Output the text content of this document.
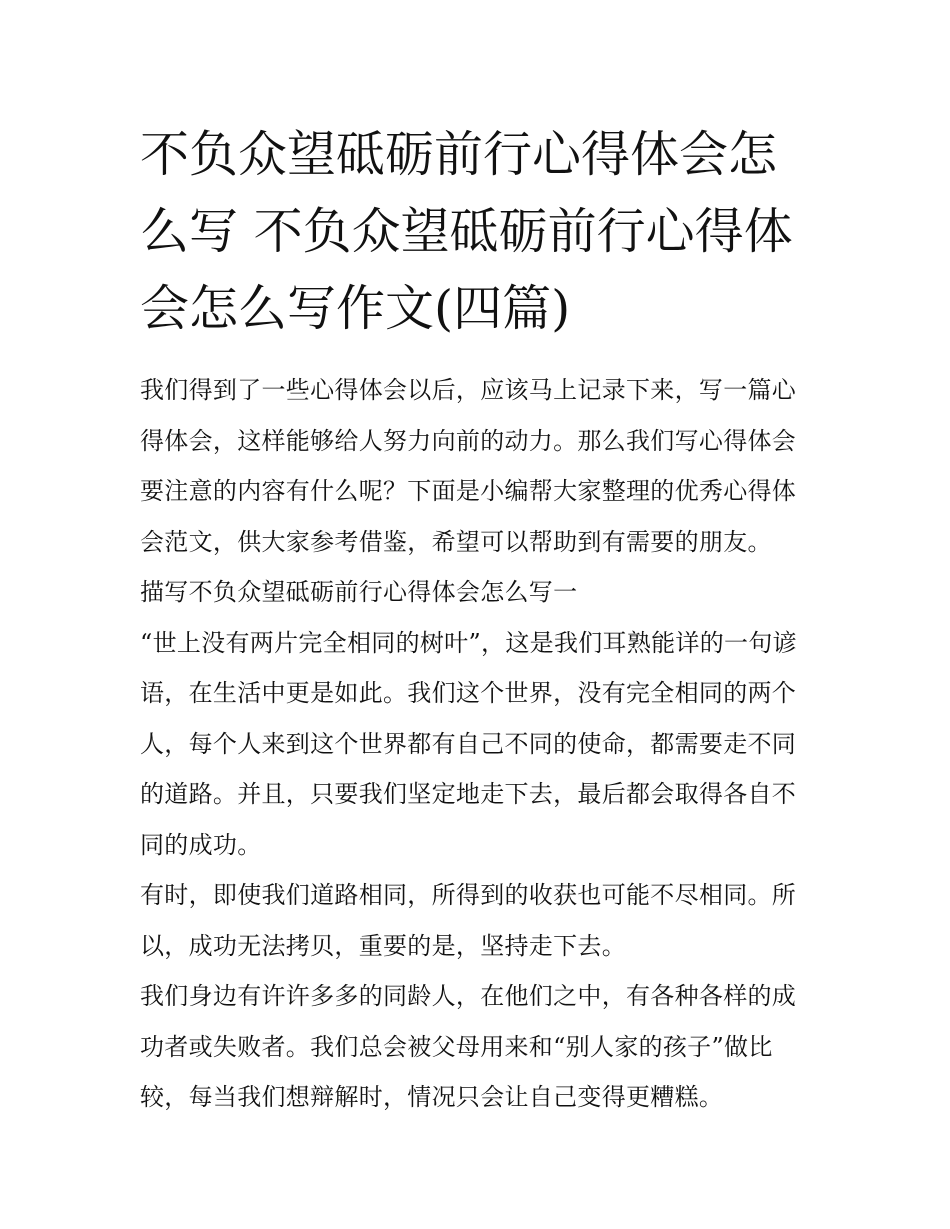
不负众望砥砺前行心得体会怎么写 不负众望砥砺前行心得体会怎么写作文(四篇)

我们得到了一些心得体会以后，应该马上记录下来，写一篇心得体会，这样能够给人努力向前的动力。那么我们写心得体会要注意的内容有什么呢？下面是小编帮大家整理的优秀心得体会范文，供大家参考借鉴，希望可以帮助到有需要的朋友。

描写不负众望砥砺前行心得体会怎么写一

“世上没有两片完全相同的树叶”，这是我们耳熟能详的一句谚语，在生活中更是如此。我们这个世界，没有完全相同的两个人，每个人来到这个世界都有自己不同的使命，都需要走不同的道路。并且，只要我们坚定地走下去，最后都会取得各自不同的成功。

有时，即使我们道路相同，所得到的收获也可能不尽相同。所以，成功无法拷贝，重要的是，坚持走下去。

我们身边有许许多多的同龄人，在他们之中，有各种各样的成功者或失败者。我们总会被父母用来和“别人家的孩子”做比较，每当我们想辩解时，情况只会让自己变得更糟糕。
